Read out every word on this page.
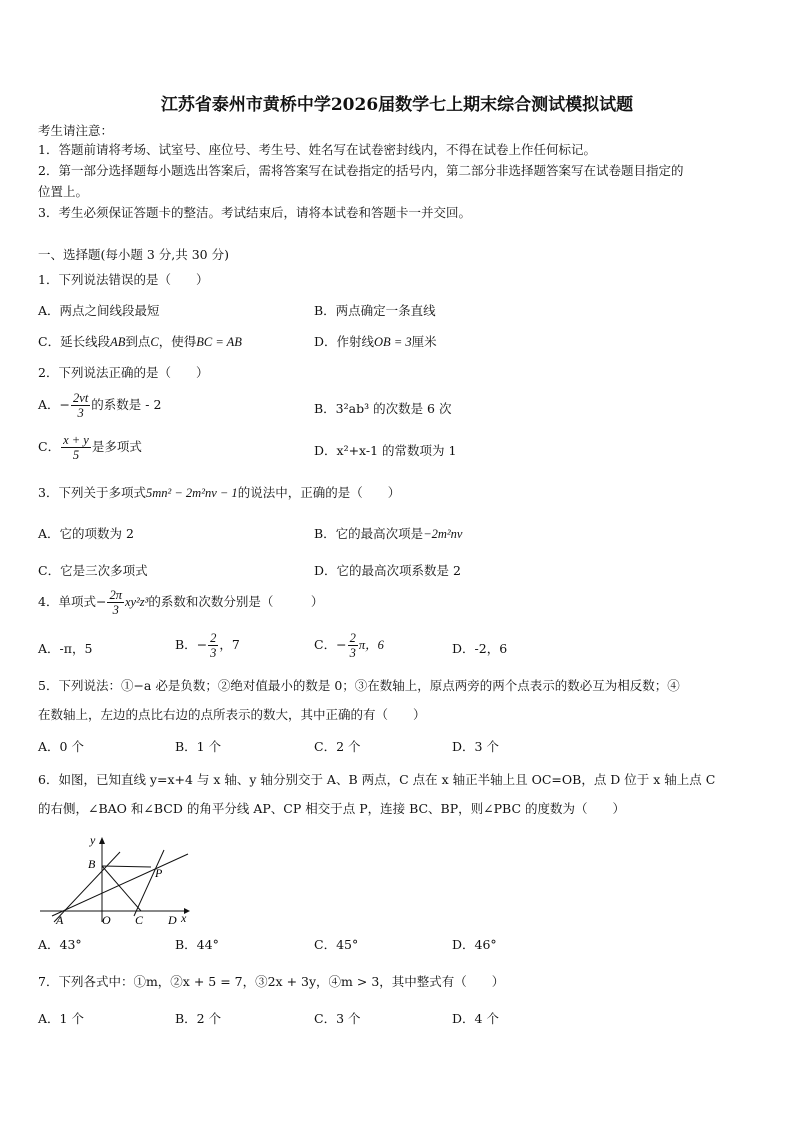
江苏省泰州市黄桥中学2026届数学七上期末综合测试模拟试题
考生请注意：
1．答题前请将考场、试室号、座位号、考生号、姓名写在试卷密封线内，不得在试卷上作任何标记。
2．第一部分选择题每小题选出答案后，需将答案写在试卷指定的括号内，第二部分非选择题答案写在试卷题目指定的
位置上。
3．考生必须保证答题卡的整洁。考试结束后，请将本试卷和答题卡一并交回。
一、选择题(每小题 3 分,共 30 分)
1．下列说法错误的是（　　）
A．两点之间线段最短	B．两点确定一条直线
C．延长线段AB到点C，使得BC = AB	D．作射线OB = 3厘米
2．下列说法正确的是（　　）
A．− $\frac{2vt}{3}$ 的系数是 - 2	B．3²ab³ 的次数是 6 次
C． $\frac{x + y}{5}$ 是多项式	D．x²+x-1 的常数项为 1
3．下列关于多项式5mn² − 2m²nv − 1的说法中，正确的是（　　）
A．它的项数为 2	B．它的最高次项是−2m²nv
C．它是三次多项式	D．它的最高次项系数是 2
4．单项式− $\frac{2\pi}{3} xy^2z^3$的系数和次数分别是（　　　）
A．-π，5	B．− $\frac{2}{3}$ ，7	C．− $\frac{2}{3}$ π，6	D．-2，6
5．下列说法：①−a 必是负数；②绝对值最小的数是 0；③在数轴上，原点两旁的两个点表示的数必互为相反数；④
在数轴上，左边的点比右边的点所表示的数大，其中正确的有（　　）
A．0 个	B．1 个	C．2 个	D．3 个
6．如图，已知直线 y=x+4 与 x 轴、y 轴分别交于 A、B 两点，C 点在 x 轴正半轴上且 OC=OB，点 D 位于 x 轴上点 C
的右侧，∠BAO 和∠BCD 的角平分线 AP、CP 相交于点 P，连接 BC、BP，则∠PBC 的度数为（　　）
y
B
P
A	O C D x
A．43°	B．44°	C．45°	D．46°
7．下列各式中：①m，②x + 5 = 7，③2x + 3y，④m > 3，其中整式有（　　）
A．1 个	B．2 个	C．3 个	D．4 个
